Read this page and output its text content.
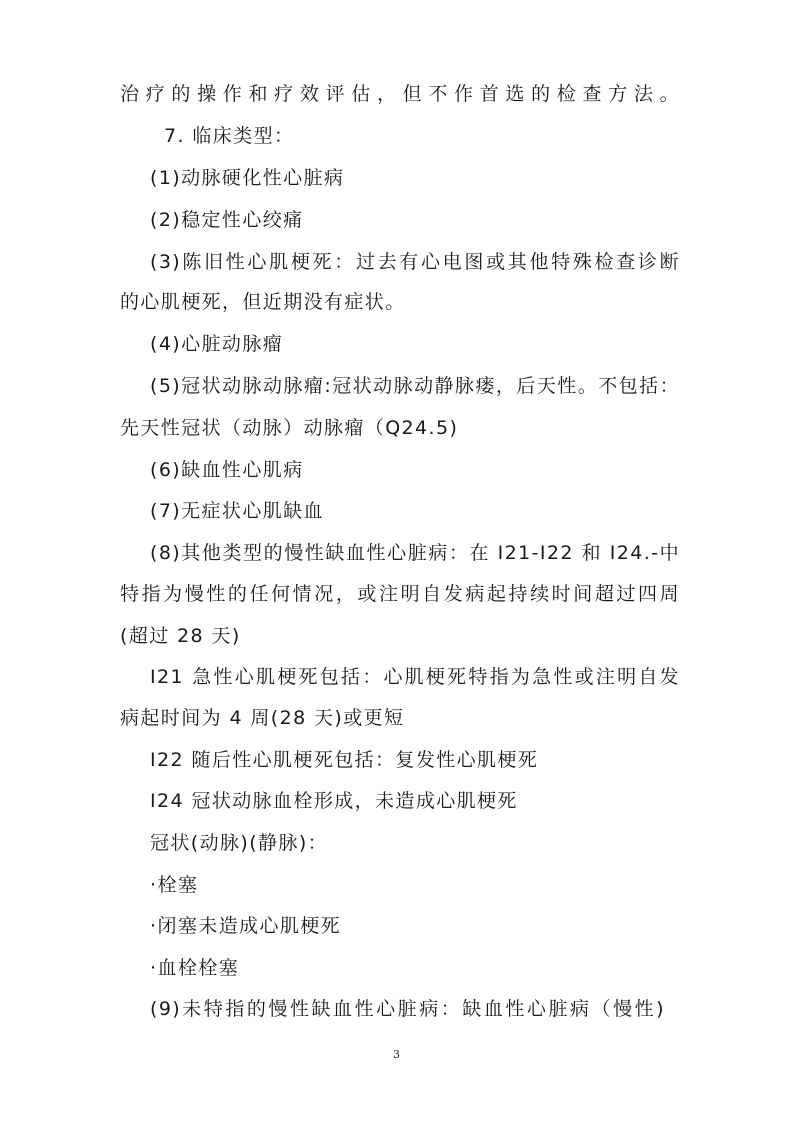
治疗的操作和疗效评估，但不作首选的检查方法。
7. 临床类型：
(1)动脉硬化性心脏病
(2)稳定性心绞痛
(3)陈旧性心肌梗死：过去有心电图或其他特殊检查诊断
的心肌梗死，但近期没有症状。
(4)心脏动脉瘤
(5)冠状动脉动脉瘤:冠状动脉动静脉瘘，后天性。不包括：
先天性冠状（动脉）动脉瘤（Q24.5)
(6)缺血性心肌病
(7)无症状心肌缺血
(8)其他类型的慢性缺血性心脏病：在 I21-I22 和 I24.-中
特指为慢性的任何情况，或注明自发病起持续时间超过四周
(超过 28 天)
I21 急性心肌梗死包括：心肌梗死特指为急性或注明自发
病起时间为 4 周(28 天)或更短
I22 随后性心肌梗死包括：复发性心肌梗死
I24 冠状动脉血栓形成，未造成心肌梗死
冠状(动脉)(静脉)：
·栓塞
·闭塞未造成心肌梗死
·血栓栓塞
(9)未特指的慢性缺血性心脏病：缺血性心脏病（慢性)
3
